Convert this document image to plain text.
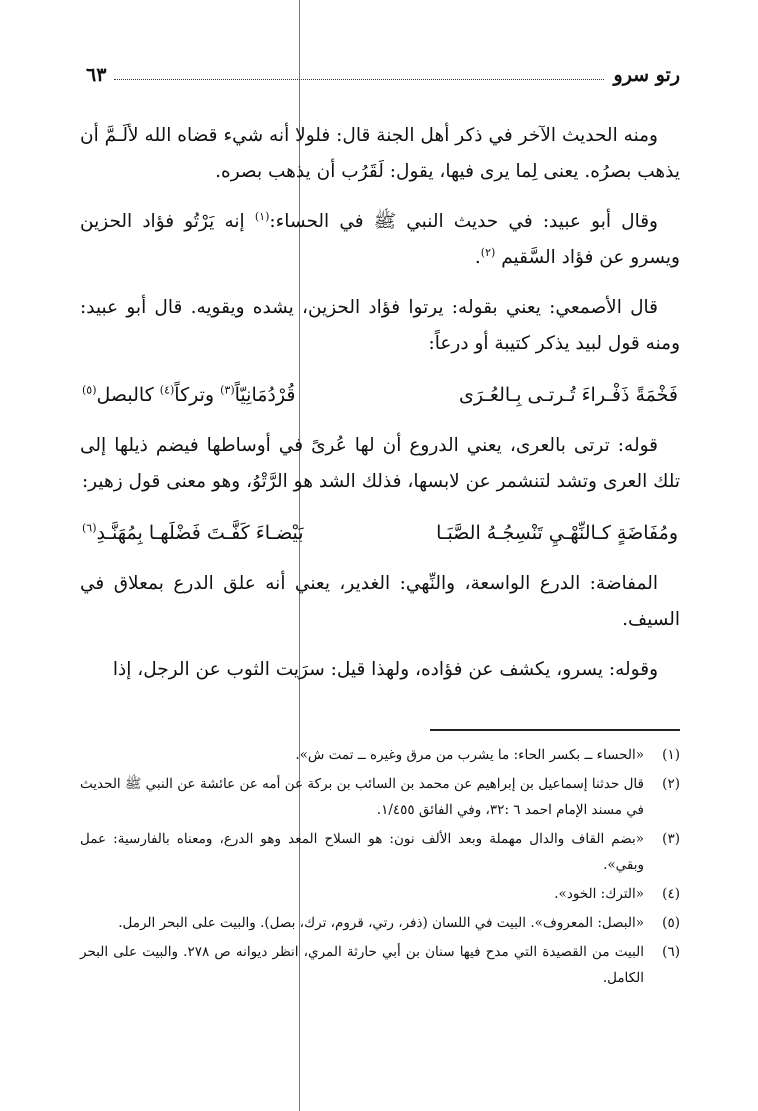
رتو سرو
٦٣

ومنه الحديث الآخر في ذكر أهل الجنة قال: فلولا أنه شيء قضاه الله لألَـمَّ أن يذهب بصرُه. يعنى لِما يرى فيها، يقول: لَقَرُب أن يذهب بصره.

وقال أبو عبيد: في حديث النبي ﷺ في الحساء:$^{(١)}$ إنه يَرْتُو فؤاد الحزين ويسرو عن فؤاد السَّقيم $^{(٢)}$.

قال الأصمعي: يعني بقوله: يرتوا فؤاد الحزين، يشده ويقويه. قال أبو عبيد: ومنه قول لبيد يذكر كتيبة أو درعاً:

فَخْمَةً ذَفْـراءَ تُـرتـى بِـالعُـرَى
قُرْدُمَانِيّاً$^{(٣)}$ وتركاً$^{(٤)}$ كالبصل$^{(٥)}$

قوله: ترتى بالعرى، يعني الدروع أن لها عُرىً في أوساطها فيضم ذيلها إلى تلك العرى وتشد لتنشمر عن لابسها، فذلك الشد هو الرَّتْوُ، وهو معنى قول زهير:

ومُفَاضَةٍ كـالنِّهْـيِ تَنْسِجُـهُ الصَّبَـا
بَيْضـاءَ كَفَّـتَ فَضْلَهـا بِمُهَنَّـدِ$^{(٦)}$

المفاضة: الدرع الواسعة، والنِّهي: الغدير، يعني أنه علق الدرع بمعلاق في السيف.

وقوله: يسرو، يكشف عن فؤاده، ولهذا قيل: سرَيت الثوب عن الرجل، إذا

(١)
«الحساء ــ بكسر الحاء: ما يشرب من مرق وغيره ــ تمت ش».
(٢)
قال حدثنا إسماعيل بن إبراهيم عن محمد بن السائب بن بركة عن أمه عن عائشة عن النبي ﷺ الحديث في مسند الإمام احمد ٦ :٣٢، وفي الفائق ١/٤٥٥.
(٣)
«بضم القاف والدال مهملة وبعد الألف نون: هو السلاح المعد وهو الدرع، ومعناه بالفارسية: عمل وبقي».
(٤)
«الترك: الخود».
(٥)
«البصل: المعروف». البيت في اللسان (ذفر، رتي، قروم، ترك، بصل). والبيت على البحر الرمل.
(٦)
البيت من القصيدة التي مدح فيها سنان بن أبي حارثة المري، انظر ديوانه ص ٢٧٨. والبيت على البحر الكامل.
